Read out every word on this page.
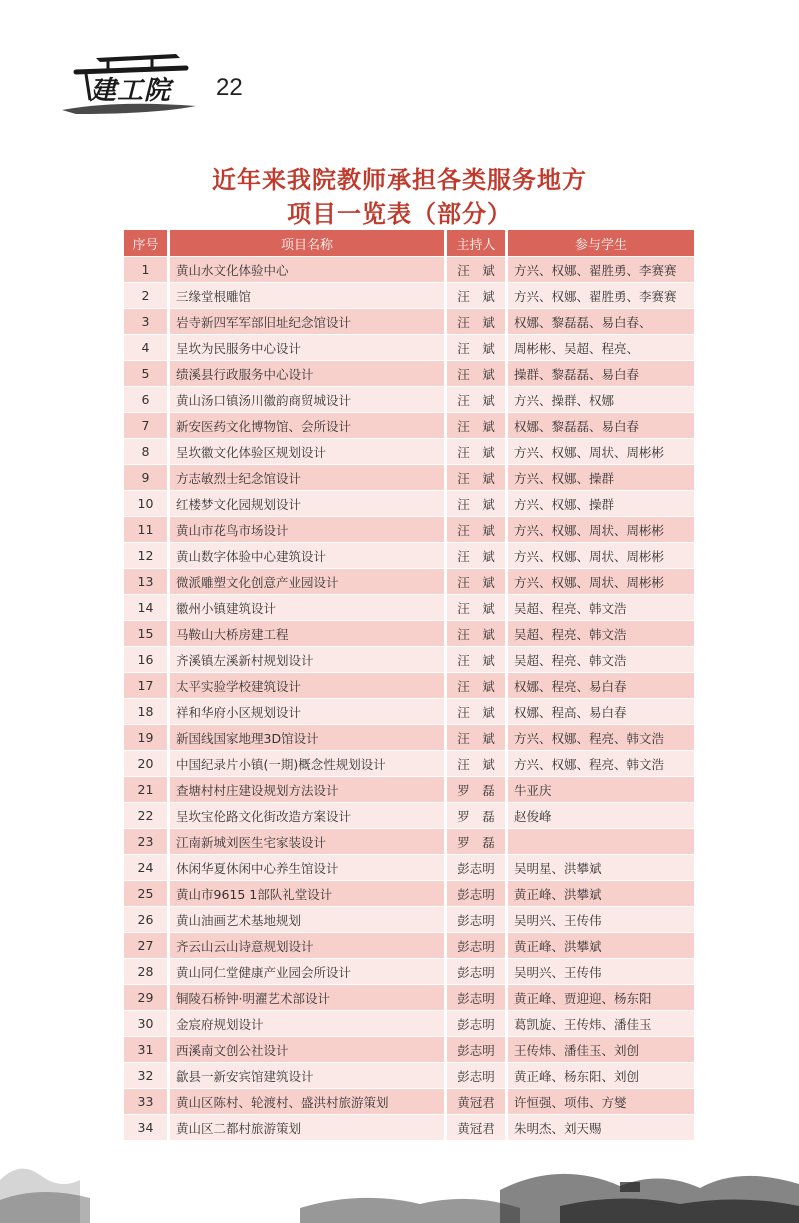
建工院 22
近年来我院教师承担各类服务地方
项目一览表（部分）
序号	项目名称	主持人	参与学生
1	黄山水文化体验中心	汪　斌	方兴、权娜、翟胜勇、李赛赛
2	三缘堂根雕馆	汪　斌	方兴、权娜、翟胜勇、李赛赛
3	岩寺新四军军部旧址纪念馆设计	汪　斌	权娜、黎磊磊、易白春、
4	呈坎为民服务中心设计	汪　斌	周彬彬、吴超、程亮、
5	绩溪县行政服务中心设计	汪　斌	操群、黎磊磊、易白春
6	黄山汤口镇汤川徽韵商贸城设计	汪　斌	方兴、操群、权娜
7	新安医药文化博物馆、会所设计	汪　斌	权娜、黎磊磊、易白春
8	呈坎徽文化体验区规划设计	汪　斌	方兴、权娜、周状、周彬彬
9	方志敏烈士纪念馆设计	汪　斌	方兴、权娜、操群
10	红楼梦文化园规划设计	汪　斌	方兴、权娜、操群
11	黄山市花鸟市场设计	汪　斌	方兴、权娜、周状、周彬彬
12	黄山数字体验中心建筑设计	汪　斌	方兴、权娜、周状、周彬彬
13	微派雕塑文化创意产业园设计	汪　斌	方兴、权娜、周状、周彬彬
14	徽州小镇建筑设计	汪　斌	吴超、程亮、韩文浩
15	马鞍山大桥房建工程	汪　斌	吴超、程亮、韩文浩
16	齐溪镇左溪新村规划设计	汪　斌	吴超、程亮、韩文浩
17	太平实验学校建筑设计	汪　斌	权娜、程亮、易白春
18	祥和华府小区规划设计	汪　斌	权娜、程高、易白春
19	新国线国家地理3D馆设计	汪　斌	方兴、权娜、程亮、韩文浩
20	中国纪录片小镇(一期)概念性规划设计	汪　斌	方兴、权娜、程亮、韩文浩
21	查塘村村庄建设规划方法设计	罗　磊	牛亚庆
22	呈坎宝伦路文化街改造方案设计	罗　磊	赵俊峰
23	江南新城刘医生宅家装设计	罗　磊	
24	休闲华夏休闲中心养生馆设计	彭志明	吴明星、洪攀斌
25	黄山市9615 1部队礼堂设计	彭志明	黄正峰、洪攀斌
26	黄山油画艺术基地规划	彭志明	吴明兴、王传伟
27	齐云山云山诗意规划设计	彭志明	黄正峰、洪攀斌
28	黄山同仁堂健康产业园会所设计	彭志明	吴明兴、王传伟
29	铜陵石桥钟·明濯艺术部设计	彭志明	黄正峰、贾迎迎、杨东阳
30	金宸府规划设计	彭志明	葛凯旋、王传炜、潘佳玉
31	西溪南文创公社设计	彭志明	王传炜、潘佳玉、刘创
32	歙县一新安宾馆建筑设计	彭志明	黄正峰、杨东阳、刘创
33	黄山区陈村、轮渡村、盛洪村旅游策划	黄冠君	许恒强、项伟、方燮
34	黄山区二都村旅游策划	黄冠君	朱明杰、刘天赐
